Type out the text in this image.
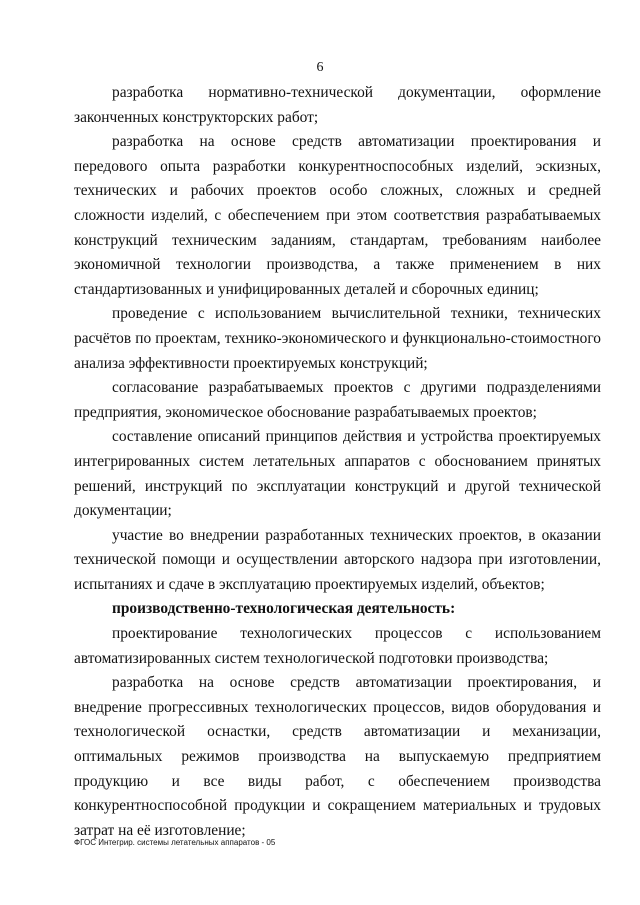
6

разработка нормативно-технической документации, оформление законченных конструкторских работ;

разработка на основе средств автоматизации проектирования и передового опыта разработки конкурентноспособных изделий, эскизных, технических и рабочих проектов особо сложных, сложных и средней сложности изделий, с обеспечением при этом соответствия разрабатываемых конструкций техническим заданиям, стандартам, требованиям наиболее экономичной технологии производства, а также применением в них стандартизованных и унифицированных деталей и сборочных единиц;

проведение с использованием вычислительной техники, технических расчётов по проектам, технико-экономического и функционально-стоимостного анализа эффективности проектируемых конструкций;

согласование разрабатываемых проектов с другими подразделениями предприятия, экономическое обоснование разрабатываемых проектов;

составление описаний принципов действия и устройства проектируемых интегрированных систем летательных аппаратов с обоснованием принятых решений, инструкций по эксплуатации конструкций и другой технической документации;

участие во внедрении разработанных технических проектов, в оказании технической помощи и осуществлении авторского надзора при изготовлении, испытаниях и сдаче в эксплуатацию проектируемых изделий, объектов;

производственно-технологическая деятельность:

проектирование технологических процессов с использованием автоматизированных систем технологической подготовки производства;

разработка на основе средств автоматизации проектирования, и внедрение прогрессивных технологических процессов, видов оборудования и технологической оснастки, средств автоматизации и механизации, оптимальных режимов производства на выпускаемую предприятием продукцию и все виды работ, с обеспечением производства конкурентноспособной продукции и сокращением материальных и трудовых затрат на её изготовление;

ФГОС Интегрир. системы летательных аппаратов - 05
